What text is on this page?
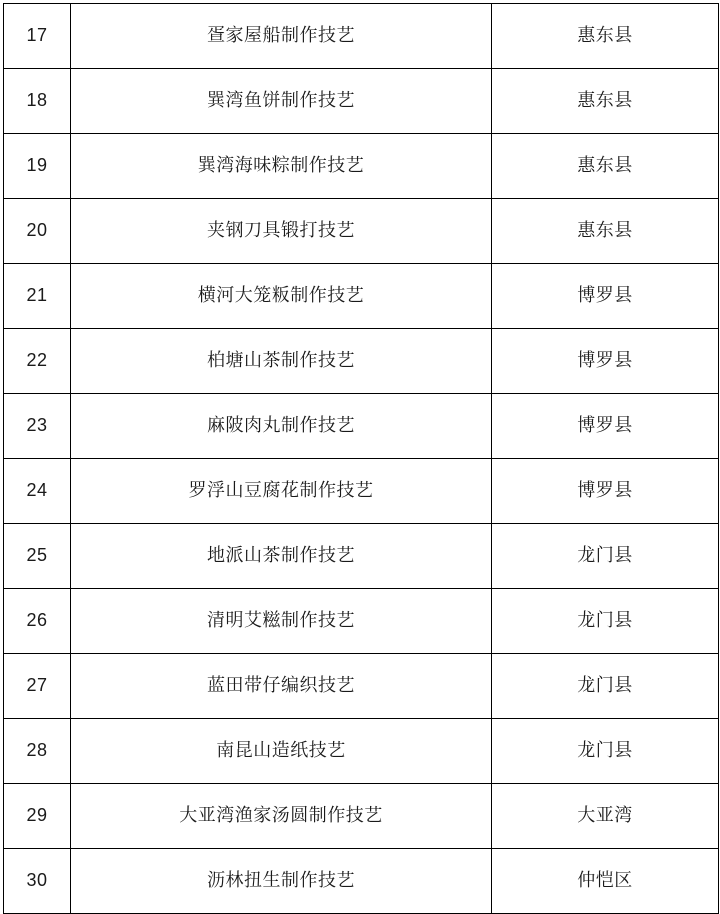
17	疍家屋船制作技艺	惠东县

18	巽湾鱼饼制作技艺	惠东县

19	巽湾海味粽制作技艺	惠东县

20	夹钢刀具锻打技艺	惠东县

21	横河大笼粄制作技艺	博罗县

22	柏塘山茶制作技艺	博罗县

23	麻陂肉丸制作技艺	博罗县

24	罗浮山豆腐花制作技艺	博罗县

25	地派山茶制作技艺	龙门县

26	清明艾糍制作技艺	龙门县

27	蓝田带仔编织技艺	龙门县

28	南昆山造纸技艺	龙门县

29	大亚湾渔家汤圆制作技艺	大亚湾

30	沥林扭生制作技艺	仲恺区
